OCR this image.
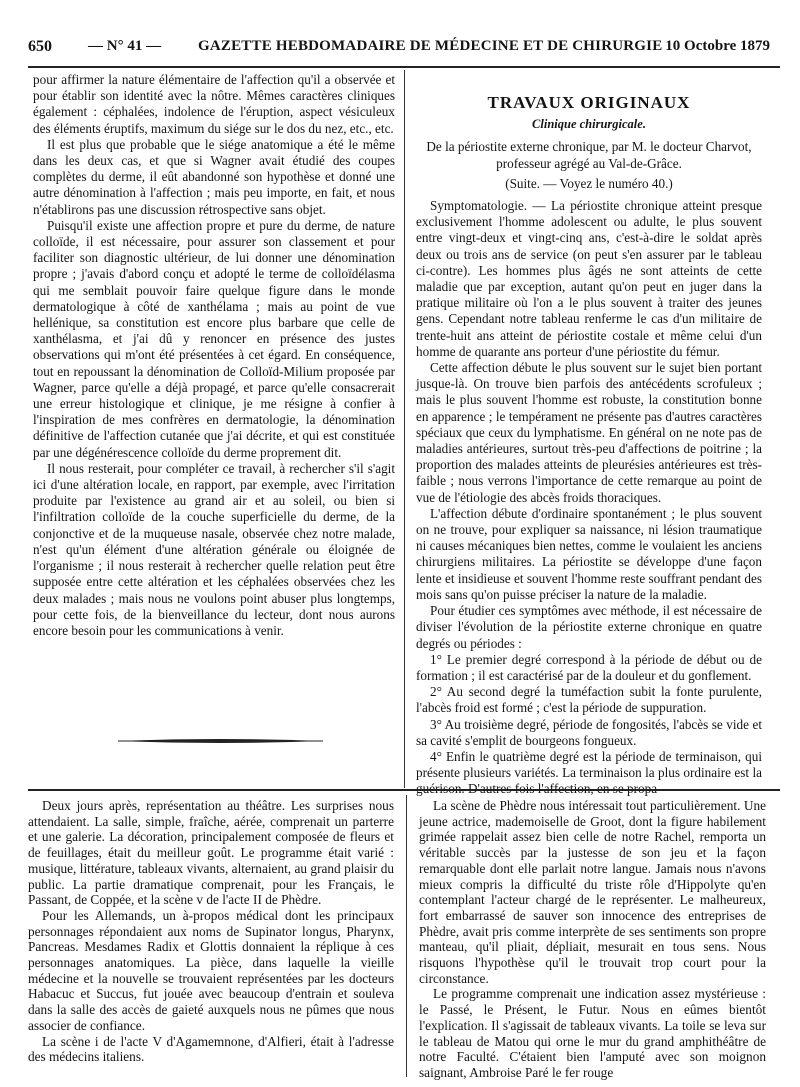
650 — N° 41 — GAZETTE HEBDOMADAIRE DE MÉDECINE ET DE CHIRURGIE 10 Octobre 1879

pour affirmer la nature élémentaire de l'affection qu'il a observée et pour établir son identité avec la nôtre. Mêmes caractères cliniques également : céphalées, indolence de l'éruption, aspect vésiculeux des éléments éruptifs, maximum du siége sur le dos du nez, etc., etc.

Il est plus que probable que le siége anatomique a été le même dans les deux cas, et que si Wagner avait étudié des coupes complètes du derme, il eût abandonné son hypothèse et donné une autre dénomination à l'affection ; mais peu importe, en fait, et nous n'établirons pas une discussion rétrospective sans objet.

Puisqu'il existe une affection propre et pure du derme, de nature colloïde, il est nécessaire, pour assurer son classement et pour faciliter son diagnostic ultérieur, de lui donner une dénomination propre ; j'avais d'abord conçu et adopté le terme de colloïdélasma qui me semblait pouvoir faire quelque figure dans le monde dermatologique à côté de xanthélama ; mais au point de vue hellénique, sa constitution est encore plus barbare que celle de xanthélasma, et j'ai dû y renoncer en présence des justes observations qui m'ont été présentées à cet égard. En conséquence, tout en repoussant la dénomination de Colloïd-Milium proposée par Wagner, parce qu'elle a déjà propagé, et parce qu'elle consacrerait une erreur histologique et clinique, je me résigne à confier à l'inspiration de mes confrères en dermatologie, la dénomination définitive de l'affection cutanée que j'ai décrite, et qui est constituée par une dégénérescence colloïde du derme proprement dit.

Il nous resterait, pour compléter ce travail, à rechercher s'il s'agit ici d'une altération locale, en rapport, par exemple, avec l'irritation produite par l'existence au grand air et au soleil, ou bien si l'infiltration colloïde de la couche superficielle du derme, de la conjonctive et de la muqueuse nasale, observée chez notre malade, n'est qu'un élément d'une altération générale ou éloignée de l'organisme ; il nous resterait à rechercher quelle relation peut être supposée entre cette altération et les céphalées observées chez les deux malades ; mais nous ne voulons point abuser plus longtemps, pour cette fois, de la bienveillance du lecteur, dont nous aurons encore besoin pour les communications à venir.

TRAVAUX ORIGINAUX
Clinique chirurgicale.
De la périostite externe chronique, par M. le docteur Charvot, professeur agrégé au Val-de-Grâce.
(Suite. — Voyez le numéro 40.)

Symptomatologie. — La périostite chronique atteint presque exclusivement l'homme adolescent ou adulte, le plus souvent entre vingt-deux et vingt-cinq ans, c'est-à-dire le soldat après deux ou trois ans de service (on peut s'en assurer par le tableau ci-contre). Les hommes plus âgés ne sont atteints de cette maladie que par exception, autant qu'on peut en juger dans la pratique militaire où l'on a le plus souvent à traiter des jeunes gens. Cependant notre tableau renferme le cas d'un militaire de trente-huit ans atteint de périostite costale et même celui d'un homme de quarante ans porteur d'une périostite du fémur.

Cette affection débute le plus souvent sur le sujet bien portant jusque-là. On trouve bien parfois des antécédents scrofuleux ; mais le plus souvent l'homme est robuste, la constitution bonne en apparence ; le tempérament ne présente pas d'autres caractères spéciaux que ceux du lymphatisme. En général on ne note pas de maladies antérieures, surtout très-peu d'affections de poitrine ; la proportion des malades atteints de pleurésies antérieures est très-faible ; nous verrons l'importance de cette remarque au point de vue de l'étiologie des abcès froids thoraciques.

L'affection débute d'ordinaire spontanément ; le plus souvent on ne trouve, pour expliquer sa naissance, ni lésion traumatique ni causes mécaniques bien nettes, comme le voulaient les anciens chirurgiens militaires. La périostite se développe d'une façon lente et insidieuse et souvent l'homme reste souffrant pendant des mois sans qu'on puisse préciser la nature de la maladie.

Pour étudier ces symptômes avec méthode, il est nécessaire de diviser l'évolution de la périostite externe chronique en quatre degrés ou périodes :

1° Le premier degré correspond à la période de début ou de formation ; il est caractérisé par de la douleur et du gonflement.

2° Au second degré la tuméfaction subit la fonte purulente, l'abcès froid est formé ; c'est la période de suppuration.

3° Au troisième degré, période de fongosités, l'abcès se vide et sa cavité s'emplit de bourgeons fongueux.

4° Enfin le quatrième degré est la période de terminaison, qui présente plusieurs variétés. La terminaison la plus ordinaire est la

Deux jours après, représentation au théâtre. Les surprises nous attendaient. La salle, simple, fraîche, aérée, comprenait un parterre et une galerie. La décoration, principalement composée de fleurs et de feuillages, était du meilleur goût. Le programme était varié : musique, littérature, tableaux vivants, alternaient, au grand plaisir du public. La partie dramatique comprenait, pour les Français, le Passant, de Coppée, et la scène v de l'acte II de Phèdre.

Pour les Allemands, un à-propos médical dont les principaux personnages répondaient aux noms de Supinator longus, Pharynx, Pancreas. Mesdames Radix et Glottis donnaient la réplique à ces personnages anatomiques. La pièce, dans laquelle la vieille médecine et la nouvelle se trouvaient représentées par les docteurs Habacuc et Succus, fut jouée avec beaucoup d'entrain et souleva dans la salle des accès de gaieté auxquels nous ne pûmes que nous associer de confiance.

La scène i de l'acte V d'Agamemnone, d'Alfieri, était à l'adresse des médecins italiens.

La scène de Phèdre nous intéressait tout particulièrement. Une jeune actrice, mademoiselle de Groot, dont la figure habilement grimée rappelait assez bien celle de notre Rachel, remporta un véritable succès par la justesse de son jeu et la façon remarquable dont elle parlait notre langue. Jamais nous n'avons mieux compris la difficulté du triste rôle d'Hippolyte qu'en contemplant l'acteur chargé de le représenter. Le malheureux, fort embarrassé de sauver son innocence des entreprises de Phèdre, avait pris comme interprète de ses sentiments son propre manteau, qu'il pliait, dépliait, mesurait en tous sens. Nous risquons l'hypothèse qu'il le trouvait trop court pour la circonstance.

Le programme comprenait une indication assez mystérieuse : le Passé, le Présent, le Futur. Nous en eûmes bientôt l'explication. Il s'agissait de tableaux vivants. La toile se leva sur le tableau de Matou qui orne le mur du grand amphithéâtre de notre Faculté. C'étaient bien l'amputé avec son moignon saignant, Ambroise Paré le fer rouge
